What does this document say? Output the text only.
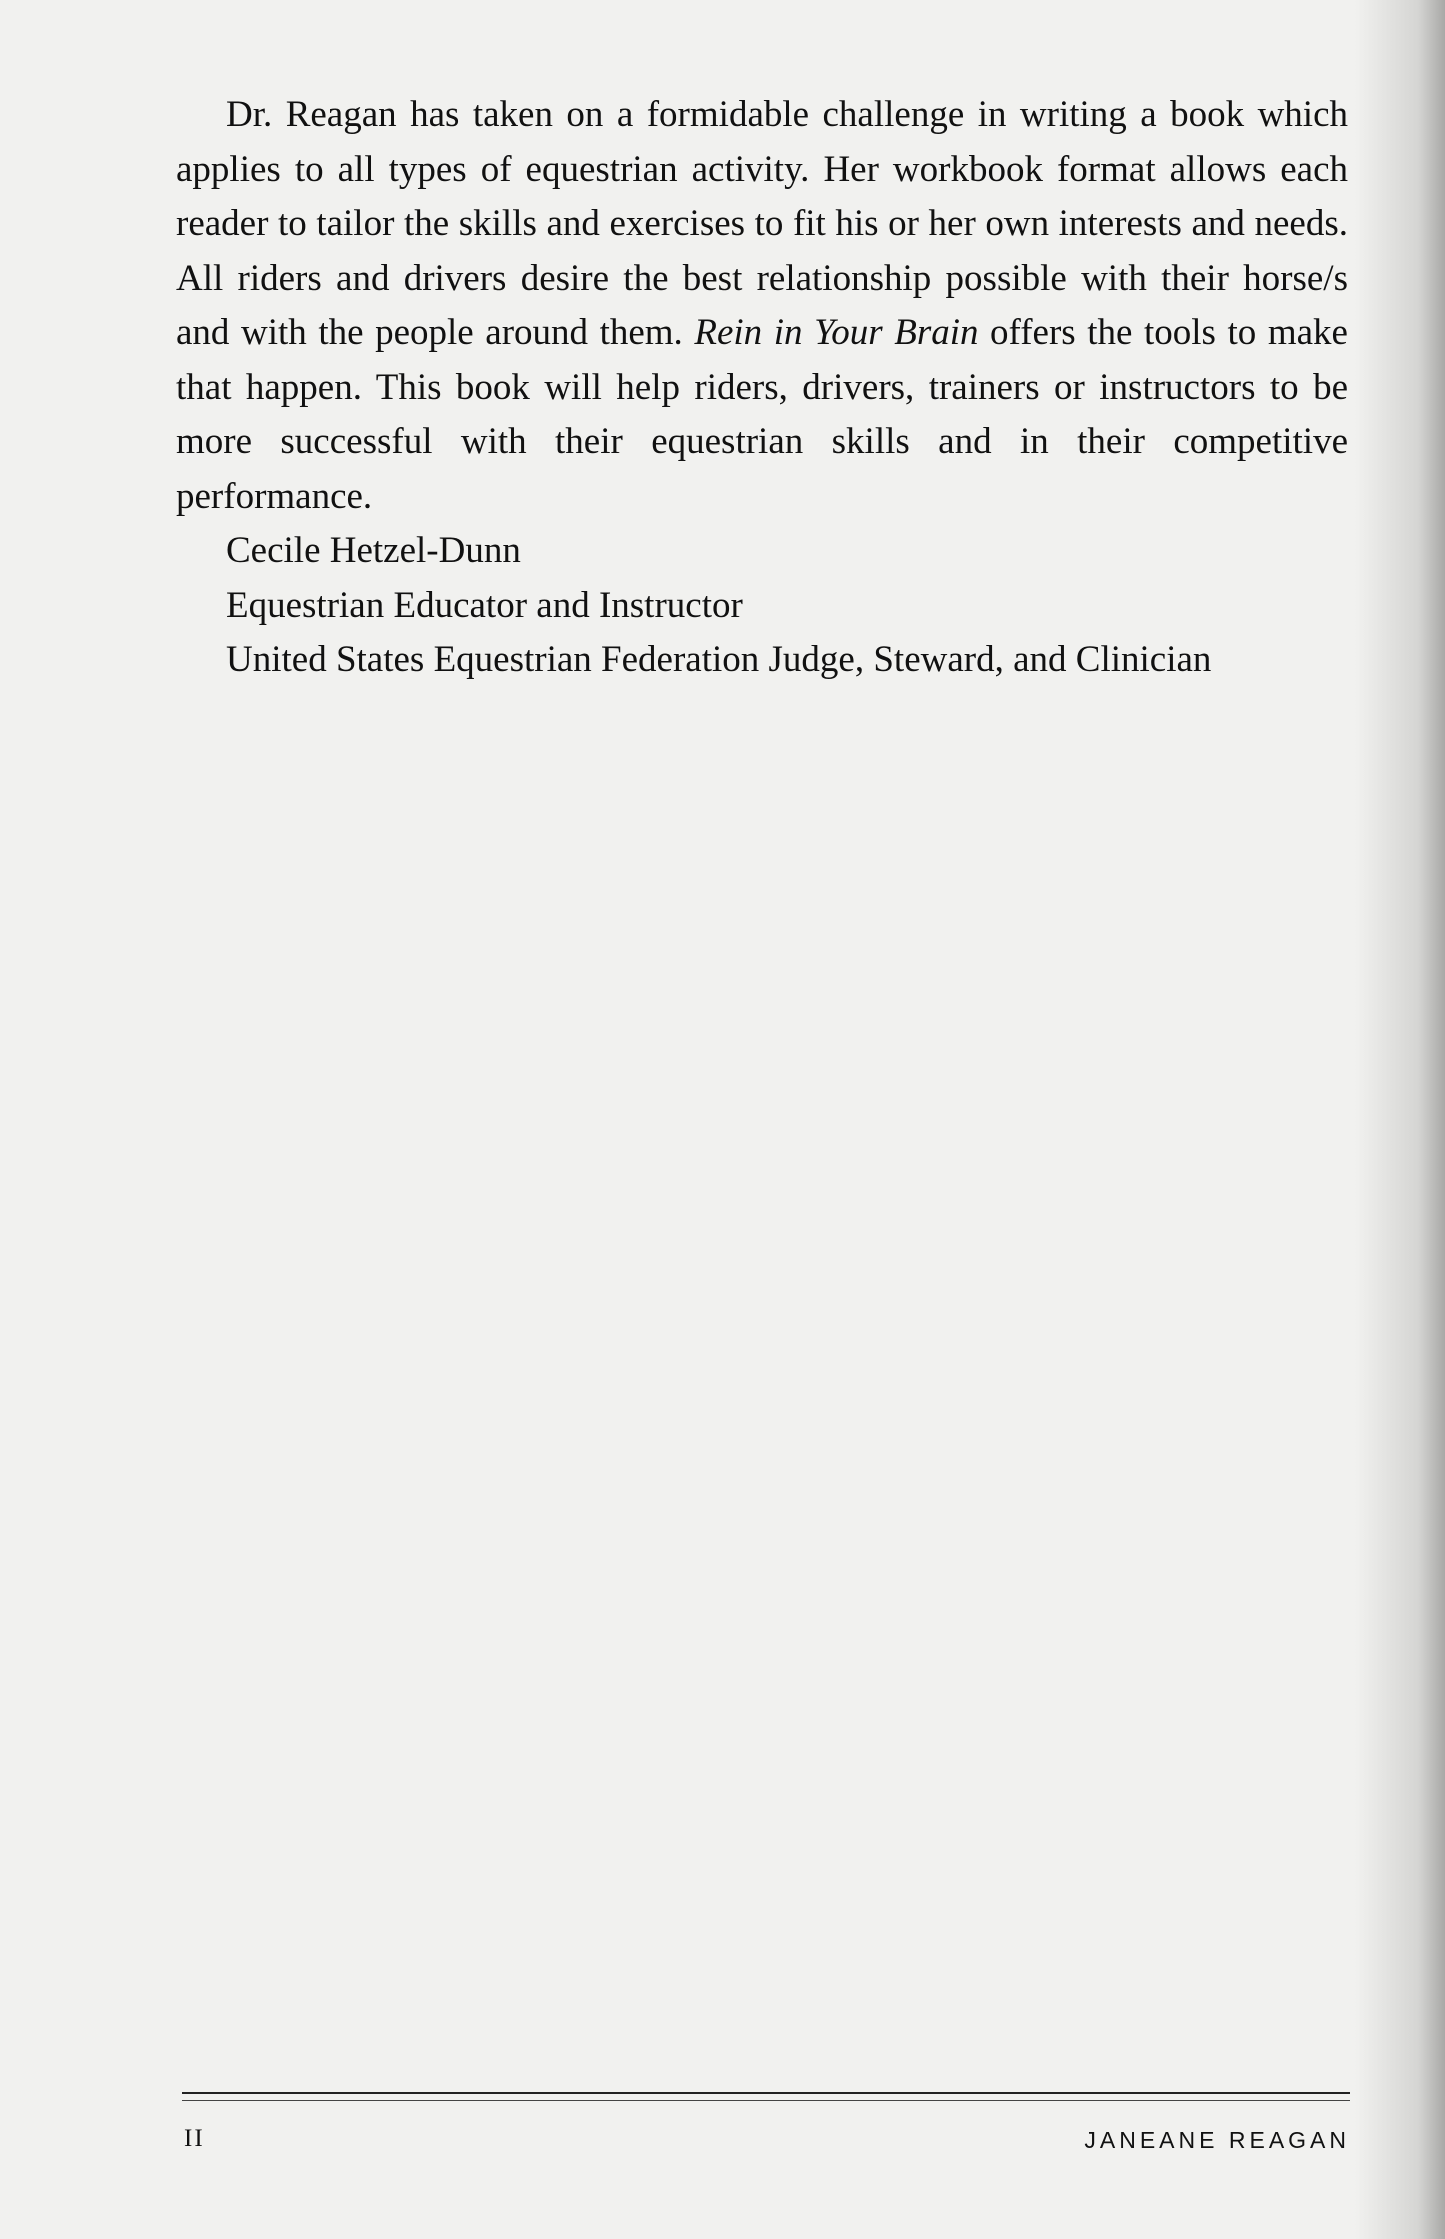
Dr. Reagan has taken on a formidable challenge in writing a book which applies to all types of equestrian activity. Her workbook format allows each reader to tailor the skills and exercises to fit his or her own interests and needs. All riders and drivers desire the best relationship possible with their horse/s and with the people around them. Rein in Your Brain offers the tools to make that happen. This book will help riders, drivers, trainers or instructors to be more successful with their equestrian skills and in their competitive performance.

Cecile Hetzel-Dunn
Equestrian Educator and Instructor
United States Equestrian Federation Judge, Steward, and Clinician
II	JANEANE REAGAN
